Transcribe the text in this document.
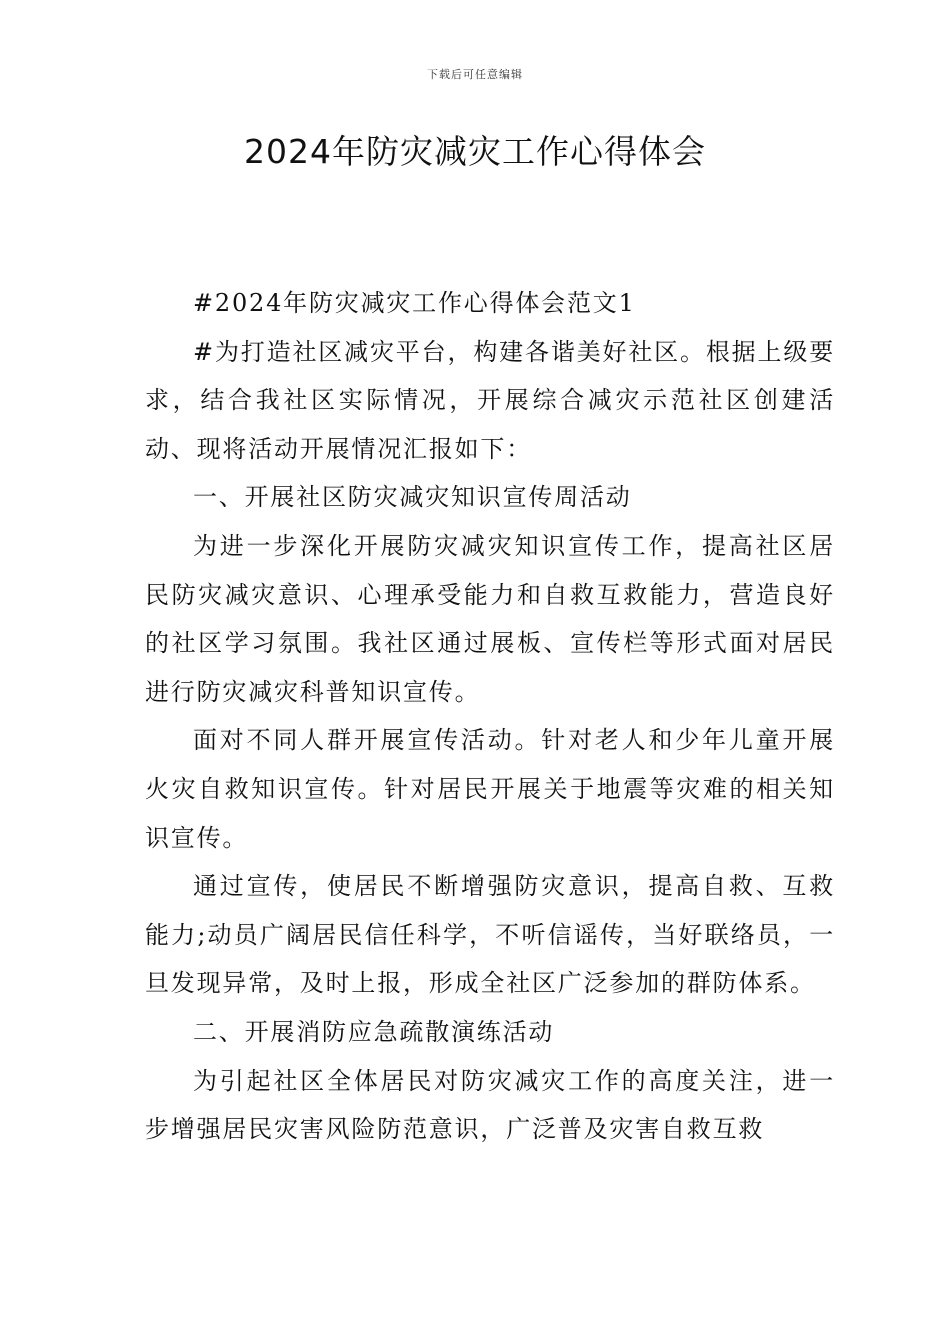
下载后可任意编辑
2024年防灾减灾工作心得体会

#2024年防灾减灾工作心得体会范文1

#为打造社区减灾平台，构建各谐美好社区。根据上级要求，结合我社区实际情况，开展综合减灾示范社区创建活动、现将活动开展情况汇报如下：

一、开展社区防灾减灾知识宣传周活动

为进一步深化开展防灾减灾知识宣传工作，提高社区居民防灾减灾意识、心理承受能力和自救互救能力，营造良好的社区学习氛围。我社区通过展板、宣传栏等形式面对居民进行防灾减灾科普知识宣传。

面对不同人群开展宣传活动。针对老人和少年儿童开展火灾自救知识宣传。针对居民开展关于地震等灾难的相关知识宣传。

通过宣传，使居民不断增强防灾意识，提高自救、互救能力;动员广阔居民信任科学，不听信谣传，当好联络员，一旦发现异常，及时上报，形成全社区广泛参加的群防体系。

二、开展消防应急疏散演练活动

为引起社区全体居民对防灾减灾工作的高度关注，进一步增强居民灾害风险防范意识，广泛普及灾害自救互救
